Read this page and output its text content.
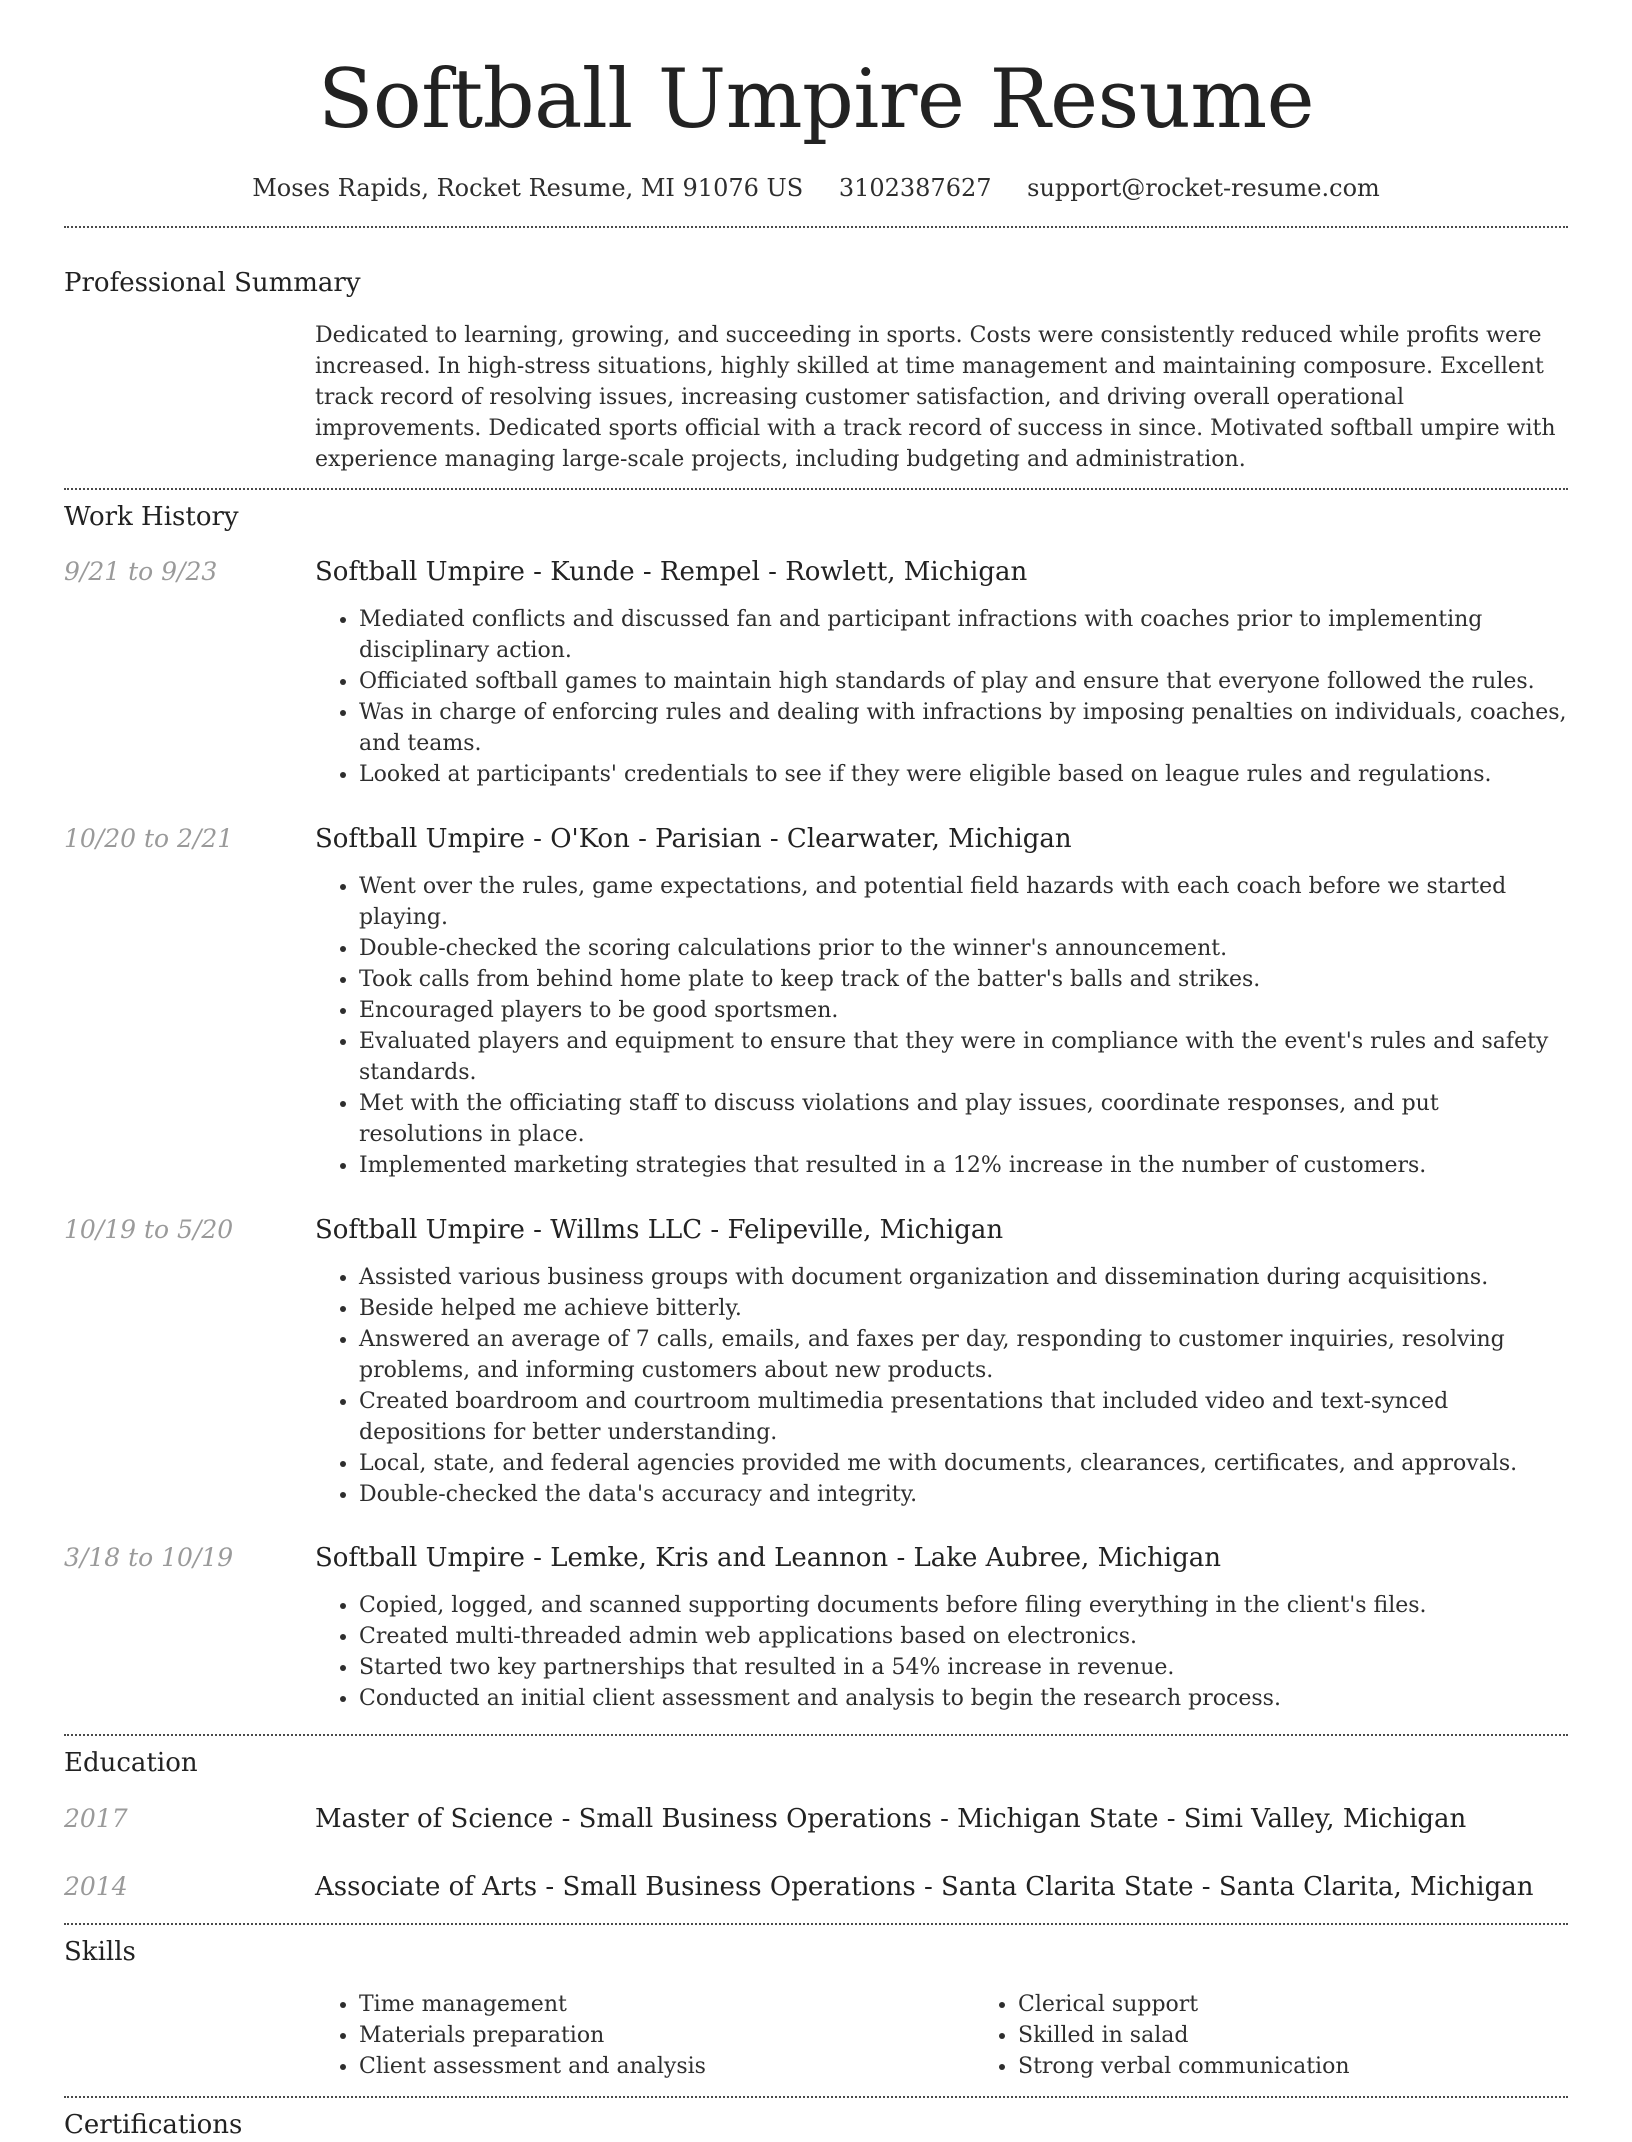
Softball Umpire Resume
Moses Rapids, Rocket Resume, MI 91076 US 3102387627 support@rocket-resume.com
Professional Summary

Dedicated to learning, growing, and succeeding in sports. Costs were consistently reduced while profits were increased. In high-stress situations, highly skilled at time management and maintaining composure. Excellent track record of resolving issues, increasing customer satisfaction, and driving overall operational improvements. Dedicated sports official with a track record of success in since. Motivated softball umpire with experience managing large-scale projects, including budgeting and administration.

Work History
9/21 to 9/23	Softball Umpire - Kunde - Rempel - Rowlett, Michigan
• Mediated conflicts and discussed fan and participant infractions with coaches prior to implementing disciplinary action.
• Officiated softball games to maintain high standards of play and ensure that everyone followed the rules.
• Was in charge of enforcing rules and dealing with infractions by imposing penalties on individuals, coaches, and teams.
• Looked at participants' credentials to see if they were eligible based on league rules and regulations.
10/20 to 2/21	Softball Umpire - O'Kon - Parisian - Clearwater, Michigan
• Went over the rules, game expectations, and potential field hazards with each coach before we started playing.
• Double-checked the scoring calculations prior to the winner's announcement.
• Took calls from behind home plate to keep track of the batter's balls and strikes.
• Encouraged players to be good sportsmen.
• Evaluated players and equipment to ensure that they were in compliance with the event's rules and safety standards.
• Met with the officiating staff to discuss violations and play issues, coordinate responses, and put resolutions in place.
• Implemented marketing strategies that resulted in a 12% increase in the number of customers.
10/19 to 5/20	Softball Umpire - Willms LLC - Felipeville, Michigan
• Assisted various business groups with document organization and dissemination during acquisitions.
• Beside helped me achieve bitterly.
• Answered an average of 7 calls, emails, and faxes per day, responding to customer inquiries, resolving problems, and informing customers about new products.
• Created boardroom and courtroom multimedia presentations that included video and text-synced depositions for better understanding.
• Local, state, and federal agencies provided me with documents, clearances, certificates, and approvals.
• Double-checked the data's accuracy and integrity.
3/18 to 10/19	Softball Umpire - Lemke, Kris and Leannon - Lake Aubree, Michigan
• Copied, logged, and scanned supporting documents before filing everything in the client's files.
• Created multi-threaded admin web applications based on electronics.
• Started two key partnerships that resulted in a 54% increase in revenue.
• Conducted an initial client assessment and analysis to begin the research process.
Education
2017	Master of Science - Small Business Operations - Michigan State - Simi Valley, Michigan
2014	Associate of Arts - Small Business Operations - Santa Clarita State - Santa Clarita, Michigan
Skills
• Time management
• Materials preparation
• Client assessment and analysis
• Clerical support
• Skilled in salad
• Strong verbal communication
Certifications
